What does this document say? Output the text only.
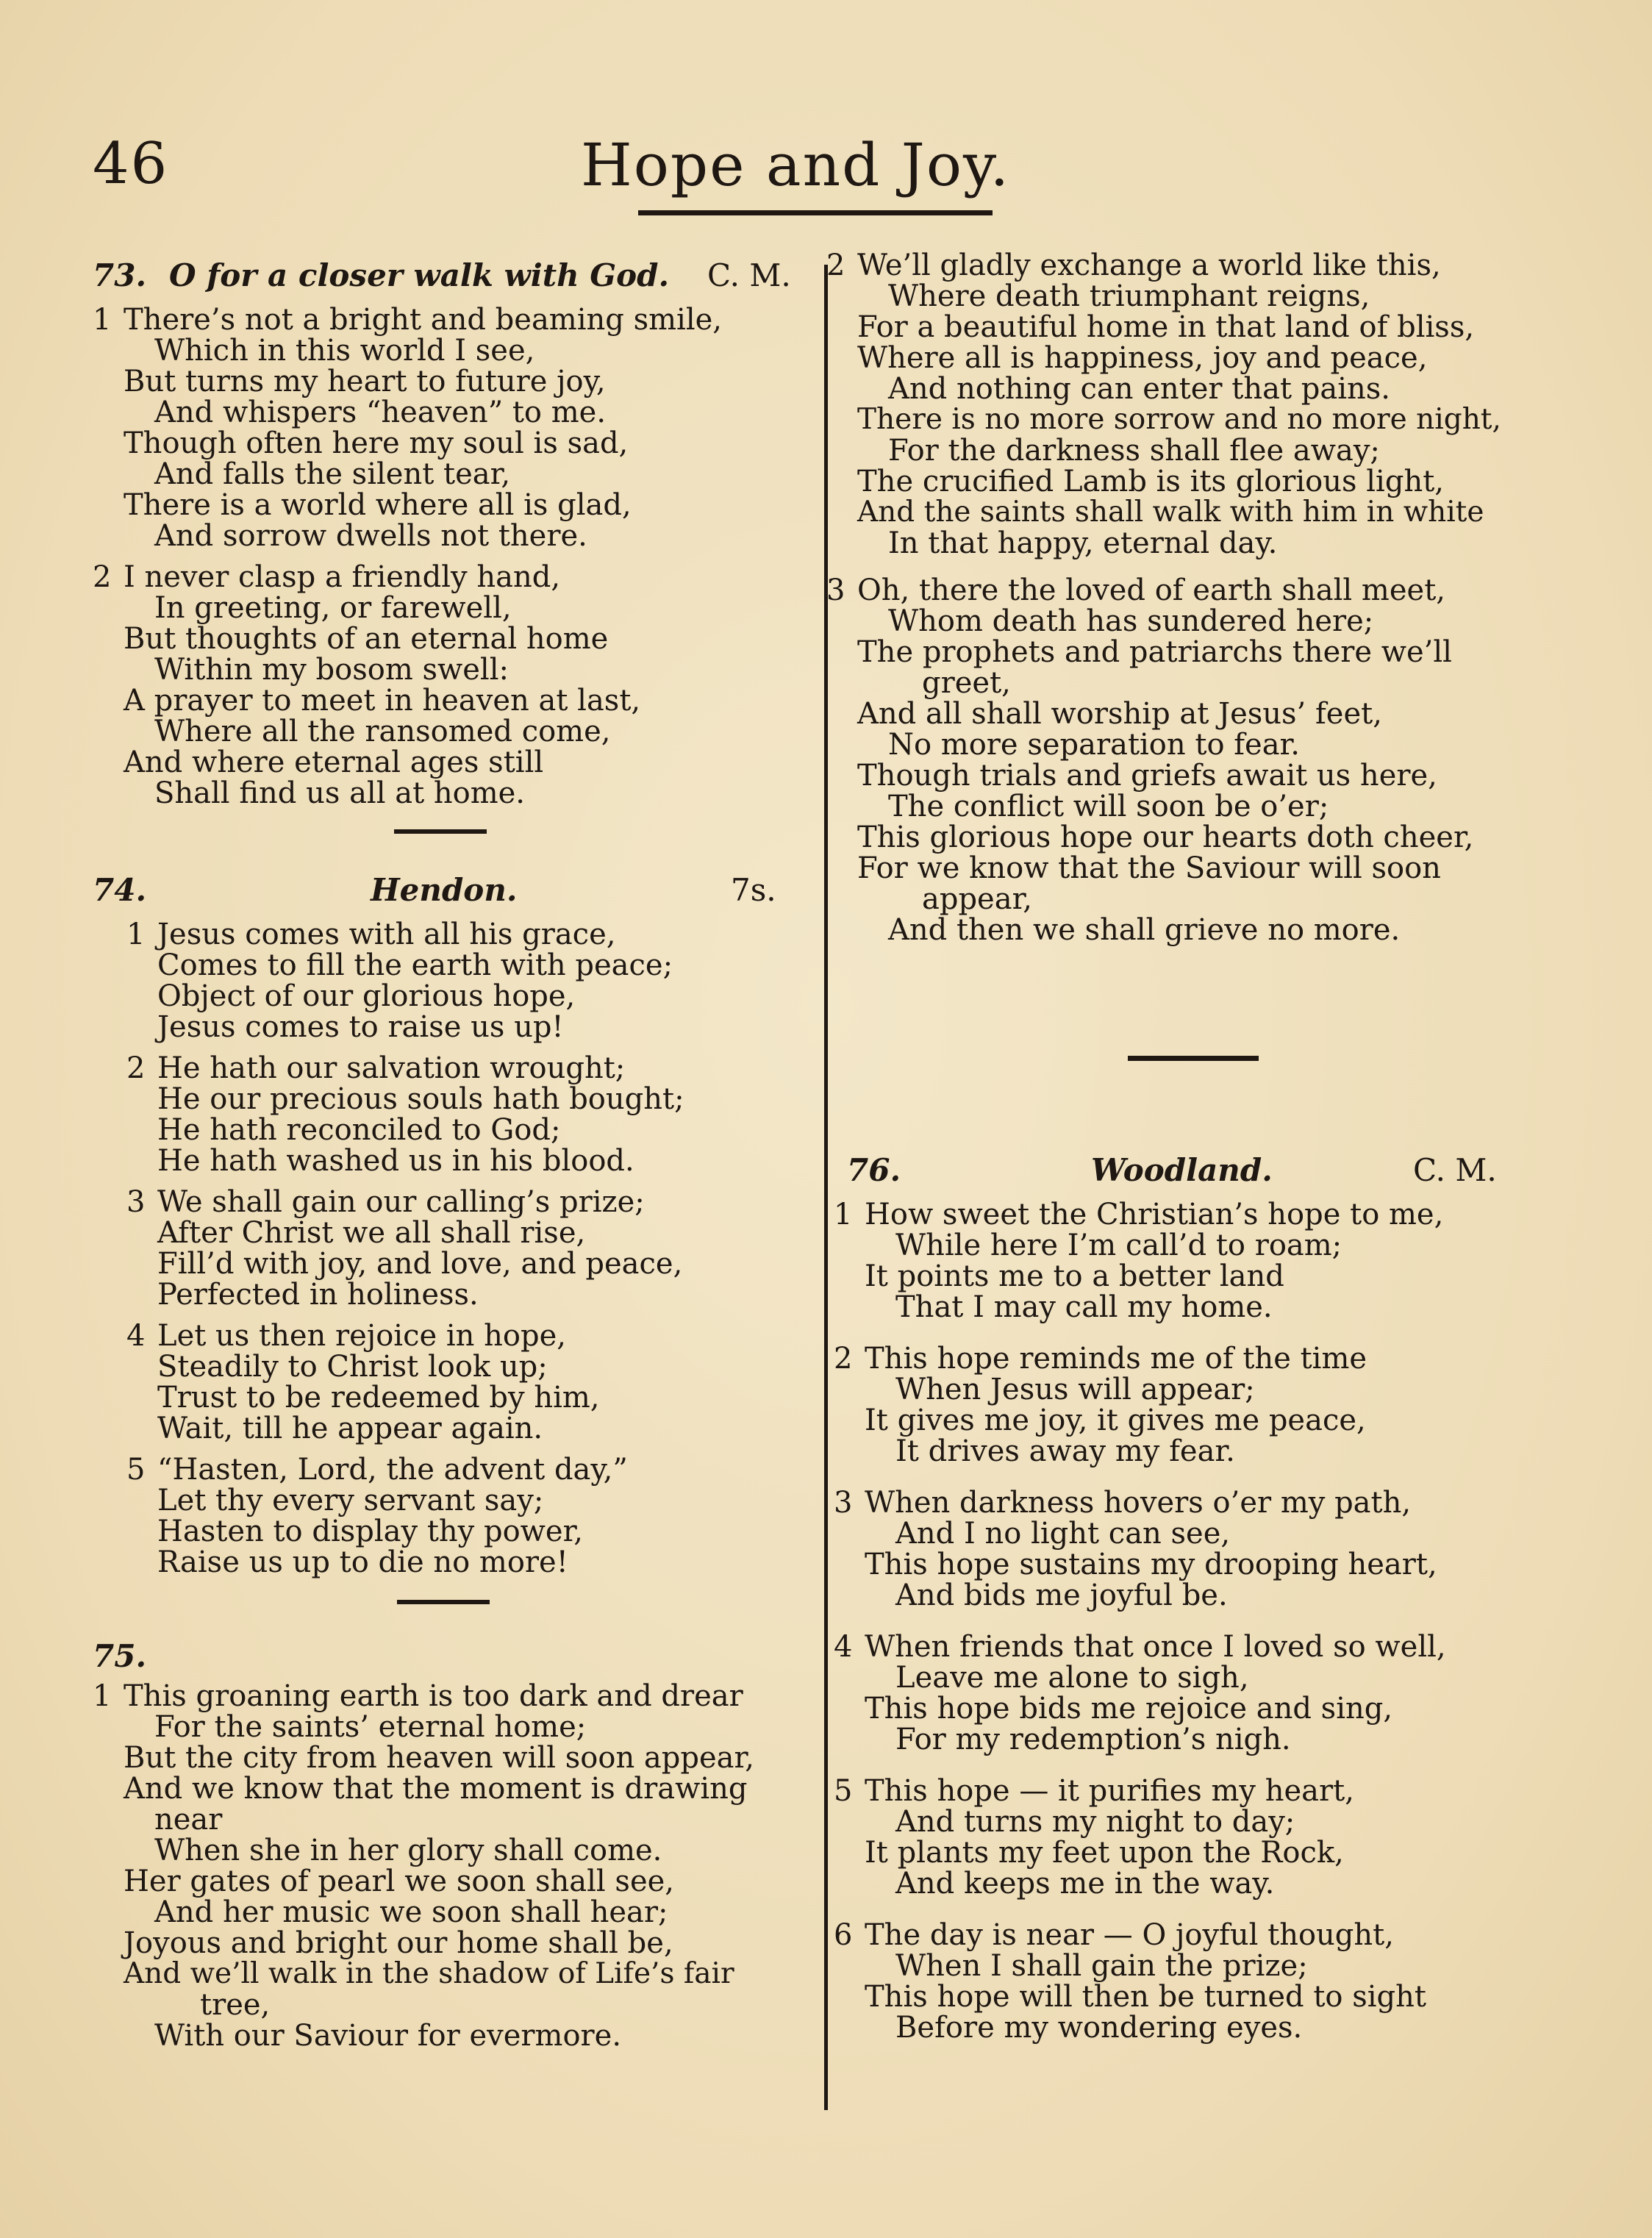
46	Hope and Joy.
73. O for a closer walk with God. C. M.
1 There’s not a bright and beaming smile,
Which in this world I see,
But turns my heart to future joy,
And whispers “heaven” to me.
Though often here my soul is sad,
And falls the silent tear,
There is a world where all is glad,
And sorrow dwells not there.
2 I never clasp a friendly hand,
In greeting, or farewell,
But thoughts of an eternal home
Within my bosom swell:
A prayer to meet in heaven at last,
Where all the ransomed come,
And where eternal ages still
Shall find us all at home.
74.	Hendon.	7s.
1 Jesus comes with all his grace,
Comes to fill the earth with peace;
Object of our glorious hope,
Jesus comes to raise us up!
2 He hath our salvation wrought;
He our precious souls hath bought;
He hath reconciled to God;
He hath washed us in his blood.
3 We shall gain our calling’s prize;
After Christ we all shall rise,
Fill’d with joy, and love, and peace,
Perfected in holiness.
4 Let us then rejoice in hope,
Steadily to Christ look up;
Trust to be redeemed by him,
Wait, till he appear again.
5 “Hasten, Lord, the advent day,”
Let thy every servant say;
Hasten to display thy power,
Raise us up to die no more!
75.
1 This groaning earth is too dark and drear
For the saints’ eternal home;
But the city from heaven will soon appear,
And we know that the moment is drawing
near
When she in her glory shall come.
Her gates of pearl we soon shall see,
And her music we soon shall hear;
Joyous and bright our home shall be,
And we’ll walk in the shadow of Life’s fair
tree,
With our Saviour for evermore.
2 We’ll gladly exchange a world like this,
Where death triumphant reigns,
For a beautiful home in that land of bliss,
Where all is happiness, joy and peace,
And nothing can enter that pains.
There is no more sorrow and no more night,
For the darkness shall flee away;
The crucified Lamb is its glorious light,
And the saints shall walk with him in white
In that happy, eternal day.
3 Oh, there the loved of earth shall meet,
Whom death has sundered here;
The prophets and patriarchs there we’ll
greet,
And all shall worship at Jesus’ feet,
No more separation to fear.
Though trials and griefs await us here,
The conflict will soon be o’er;
This glorious hope our hearts doth cheer,
For we know that the Saviour will soon
appear,
And then we shall grieve no more.
76.	Woodland.	C. M.
1 How sweet the Christian’s hope to me,
While here I’m call’d to roam;
It points me to a better land
That I may call my home.
2 This hope reminds me of the time
When Jesus will appear;
It gives me joy, it gives me peace,
It drives away my fear.
3 When darkness hovers o’er my path,
And I no light can see,
This hope sustains my drooping heart,
And bids me joyful be.
4 When friends that once I loved so well,
Leave me alone to sigh,
This hope bids me rejoice and sing,
For my redemption’s nigh.
5 This hope — it purifies my heart,
And turns my night to day;
It plants my feet upon the Rock,
And keeps me in the way.
6 The day is near — O joyful thought,
When I shall gain the prize;
This hope will then be turned to sight
Before my wondering eyes.
